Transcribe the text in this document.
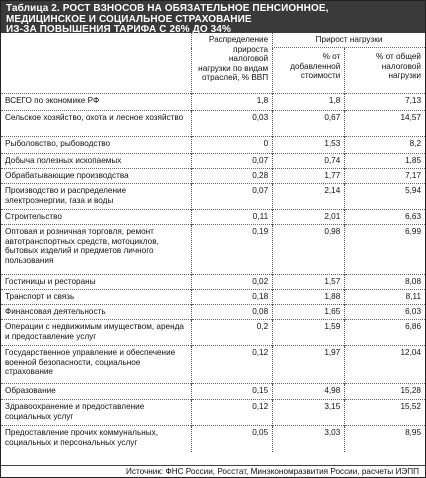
Таблица 2. РОСТ ВЗНОСОВ НА ОБЯЗАТЕЛЬНОЕ ПЕНСИОННОЕ,
МЕДИЦИНСКОЕ И СОЦИАЛЬНОЕ СТРАХОВАНИЕ
ИЗ-ЗА ПОВЫШЕНИЯ ТАРИФА С 26% ДО 34%
	Распределение прироста налоговой нагрузки по видам отраслей, % ВВП	Прирост нагрузки	
		% от добавленной стоимости	% от общей налоговой нагрузки
ВСЕГО по экономике РФ	1,8	1,8	7,13
Сельское хозяйство, охота и лесное хозяйство	0,03	0,67	14,57
Рыболовство, рыбоводство	0	1,53	8,2
Добыча полезных ископаемых	0,07	0,74	1,85
Обрабатывающие производства	0,28	1,77	7,17
Производство и распределение электроэнергии, газа и воды	0,07	2,14	5,94
Строительство	0,11	2,01	6,63
Оптовая и розничная торговля, ремонт автотранспортных средств, мотоциклов, бытовых изделий и предметов личного пользования	0,19	0,98	6,99
Гостиницы и рестораны	0,02	1,57	8,08
Транспорт и связь	0,18	1,88	8,11
Финансовая деятельность	0,08	1,65	6,03
Операции с недвижимым имуществом, аренда и предоставление услуг	0,2	1,59	6,86
Государственное управление и обеспечение военной безопасности, социальное страхование	0,12	1,97	12,04
Образование	0,15	4,98	15,28
Здравоохранение и предоставление социальных услуг	0,12	3,15	15,52
Предоставление прочих коммунальных, социальных и персональных услуг	0,05	3,03	8,95
Источник: ФНС России, Росстат, Минэкономразвития России, расчеты ИЭПП
